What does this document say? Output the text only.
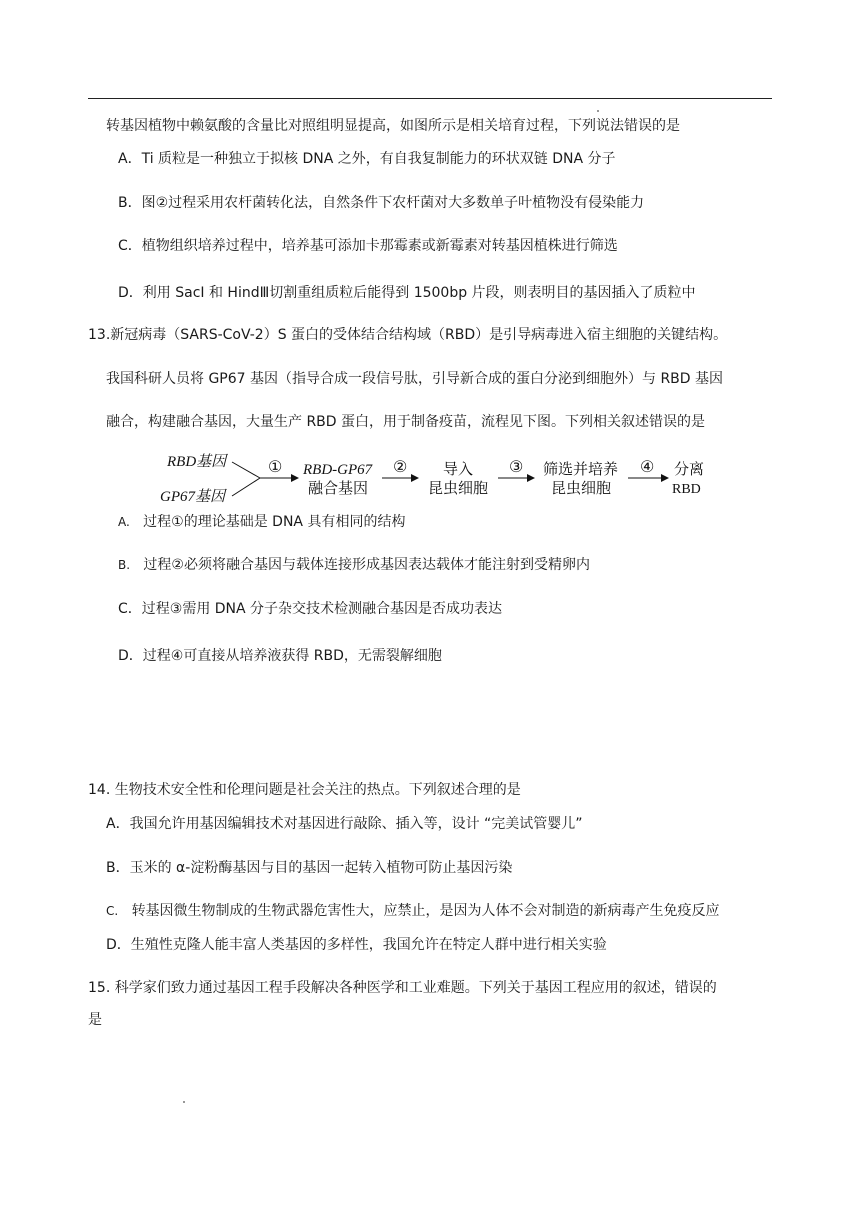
转基因植物中赖氨酸的含量比对照组明显提高，如图所示是相关培育过程，下列说法错误的是
A．Ti 质粒是一种独立于拟核 DNA 之外，有自我复制能力的环状双链 DNA 分子
B．图②过程采用农杆菌转化法，自然条件下农杆菌对大多数单子叶植物没有侵染能力
C．植物组织培养过程中，培养基可添加卡那霉素或新霉素对转基因植株进行筛选
D．利用 SacI 和 HindⅢ切割重组质粒后能得到 1500bp 片段，则表明目的基因插入了质粒中
13.新冠病毒（SARS-CoV-2）S 蛋白的受体结合结构域（RBD）是引导病毒进入宿主细胞的关键结构。
我国科研人员将 GP67 基因（指导合成一段信号肽，引导新合成的蛋白分泌到细胞外）与 RBD 基因
融合，构建融合基因，大量生产 RBD 蛋白，用于制备疫苗，流程见下图。下列相关叙述错误的是
RBD基因
GP67基因
① RBD-GP67
融合基因
② 导入
昆虫细胞
③ 筛选并培养
昆虫细胞
④ 分离
RBD
A. 过程①的理论基础是 DNA 具有相同的结构
B. 过程②必须将融合基因与载体连接形成基因表达载体才能注射到受精卵内
C．过程③需用 DNA 分子杂交技术检测融合基因是否成功表达
D．过程④可直接从培养液获得 RBD，无需裂解细胞
14. 生物技术安全性和伦理问题是社会关注的热点。下列叙述合理的是
A．我国允许用基因编辑技术对基因进行敲除、插入等，设计 “完美试管婴儿”
B．玉米的 α-淀粉酶基因与目的基因一起转入植物可防止基因污染
C. 转基因微生物制成的生物武器危害性大，应禁止，是因为人体不会对制造的新病毒产生免疫反应
D．生殖性克隆人能丰富人类基因的多样性，我国允许在特定人群中进行相关实验
15. 科学家们致力通过基因工程手段解决各种医学和工业难题。下列关于基因工程应用的叙述，错误的
是
